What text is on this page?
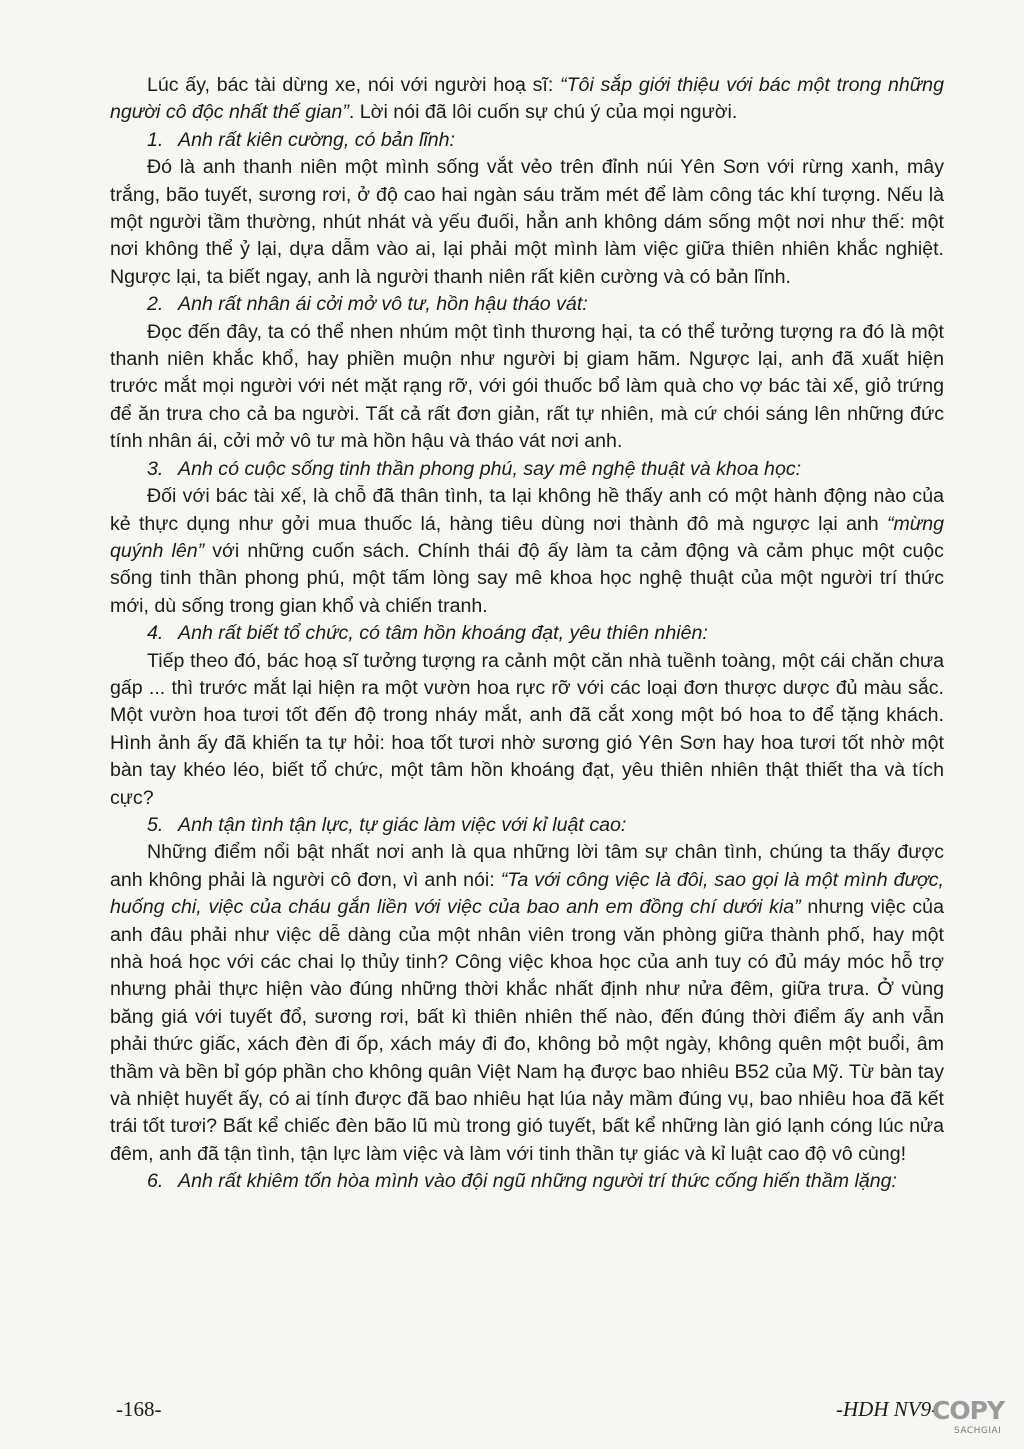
Lúc ấy, bác tài dừng xe, nói với người hoạ sĩ: “Tôi sắp giới thiệu với bác một trong những người cô độc nhất thế gian”. Lời nói đã lôi cuốn sự chú ý của mọi người.

1. Anh rất kiên cường, có bản lĩnh:

Đó là anh thanh niên một mình sống vắt vẻo trên đỉnh núi Yên Sơn với rừng xanh, mây trắng, bão tuyết, sương rơi, ở độ cao hai ngàn sáu trăm mét để làm công tác khí tượng. Nếu là một người tầm thường, nhút nhát và yếu đuối, hẳn anh không dám sống một nơi như thế: một nơi không thể ỷ lại, dựa dẫm vào ai, lại phải một mình làm việc giữa thiên nhiên khắc nghiệt. Ngược lại, ta biết ngay, anh là người thanh niên rất kiên cường và có bản lĩnh.

2. Anh rất nhân ái cởi mở vô tư, hồn hậu tháo vát:

Đọc đến đây, ta có thể nhen nhúm một tình thương hại, ta có thể tưởng tượng ra đó là một thanh niên khắc khổ, hay phiền muộn như người bị giam hãm. Ngược lại, anh đã xuất hiện trước mắt mọi người với nét mặt rạng rỡ, với gói thuốc bổ làm quà cho vợ bác tài xế, giỏ trứng để ăn trưa cho cả ba người. Tất cả rất đơn giản, rất tự nhiên, mà cứ chói sáng lên những đức tính nhân ái, cởi mở vô tư mà hồn hậu và tháo vát nơi anh.

3. Anh có cuộc sống tinh thần phong phú, say mê nghệ thuật và khoa học:

Đối với bác tài xế, là chỗ đã thân tình, ta lại không hề thấy anh có một hành động nào của kẻ thực dụng như gởi mua thuốc lá, hàng tiêu dùng nơi thành đô mà ngược lại anh “mừng quýnh lên” với những cuốn sách. Chính thái độ ấy làm ta cảm động và cảm phục một cuộc sống tinh thần phong phú, một tấm lòng say mê khoa học nghệ thuật của một người trí thức mới, dù sống trong gian khổ và chiến tranh.

4. Anh rất biết tổ chức, có tâm hồn khoáng đạt, yêu thiên nhiên:

Tiếp theo đó, bác hoạ sĩ tưởng tượng ra cảnh một căn nhà tuềnh toàng, một cái chăn chưa gấp ... thì trước mắt lại hiện ra một vườn hoa rực rỡ với các loại đơn thược dược đủ màu sắc. Một vườn hoa tươi tốt đến độ trong nháy mắt, anh đã cắt xong một bó hoa to để tặng khách. Hình ảnh ấy đã khiến ta tự hỏi: hoa tốt tươi nhờ sương gió Yên Sơn hay hoa tươi tốt nhờ một bàn tay khéo léo, biết tổ chức, một tâm hồn khoáng đạt, yêu thiên nhiên thật thiết tha và tích cực?

5. Anh tận tình tận lực, tự giác làm việc với kỉ luật cao:

Những điểm nổi bật nhất nơi anh là qua những lời tâm sự chân tình, chúng ta thấy được anh không phải là người cô đơn, vì anh nói: “Ta với công việc là đôi, sao gọi là một mình được, huống chi, việc của cháu gắn liền với việc của bao anh em đồng chí dưới kia” nhưng việc của anh đâu phải như việc dễ dàng của một nhân viên trong văn phòng giữa thành phố, hay một nhà hoá học với các chai lọ thủy tinh? Công việc khoa học của anh tuy có đủ máy móc hỗ trợ nhưng phải thực hiện vào đúng những thời khắc nhất định như nửa đêm, giữa trưa. Ở vùng băng giá với tuyết đổ, sương rơi, bất kì thiên nhiên thế nào, đến đúng thời điểm ấy anh vẫn phải thức giấc, xách đèn đi ốp, xách máy đi đo, không bỏ một ngày, không quên một buổi, âm thầm và bền bỉ góp phần cho không quân Việt Nam hạ được bao nhiêu B52 của Mỹ. Từ bàn tay và nhiệt huyết ấy, có ai tính được đã bao nhiêu hạt lúa nảy mầm đúng vụ, bao nhiêu hoa đã kết trái tốt tươi? Bất kể chiếc đèn bão lũ mù trong gió tuyết, bất kể những làn gió lạnh cóng lúc nửa đêm, anh đã tận tình, tận lực làm việc và làm với tinh thần tự giác và kỉ luật cao độ vô cùng!

6. Anh rất khiêm tốn hòa mình vào đội ngũ những người trí thức cống hiến thầm lặng:

-168-	-HDH NV9-
COPY
SACHGIAI
